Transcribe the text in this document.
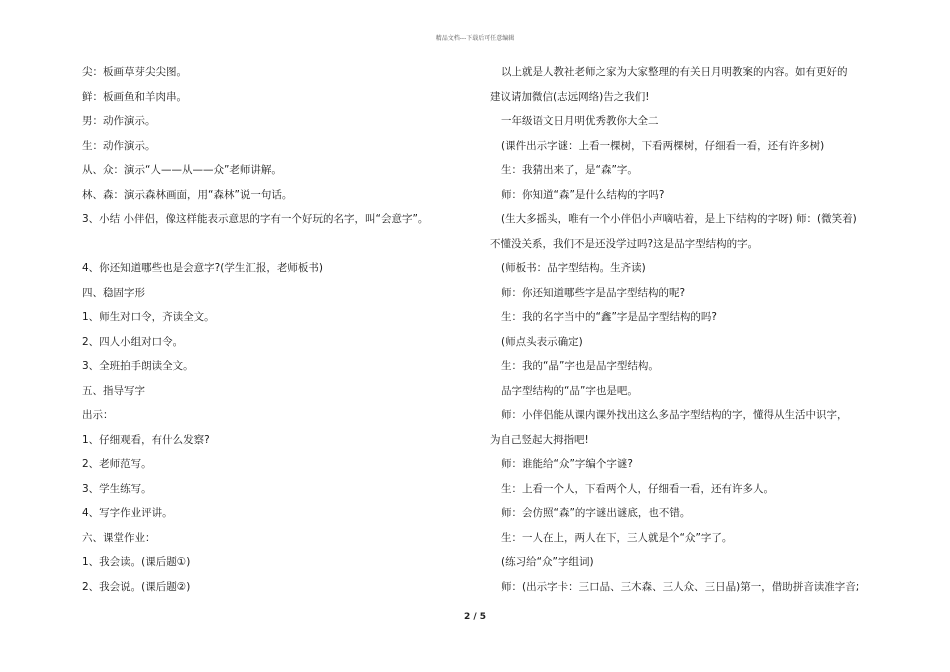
精品文档---下载后可任意编辑
尖：板画草芽尖尖图。
鲜：板画鱼和羊肉串。
男：动作演示。
生：动作演示。
从、众：演示“人——从——众”老师讲解。
林、森：演示森林画面，用“森林”说一句话。
3、小结 小伴侣，像这样能表示意思的字有一个好玩的名字，叫“会意字”。
4、你还知道哪些也是会意字?(学生汇报，老师板书)
四、稳固字形
1、师生对口令，齐读全文。
2、四人小组对口令。
3、全班拍手朗读全文。
五、指导写字
出示：
1、仔细观看，有什么发察?
2、老师范写。
3、学生练写。
4、写字作业评讲。
六、课堂作业：
1、我会读。(课后题①)
2、我会说。(课后题②)
以上就是人教社老师之家为大家整理的有关日月明教案的内容。如有更好的
建议请加微信(志远网络)告之我们!
一年级语文日月明优秀教你大全二
(课件出示字谜：上看一棵树，下看两棵树，仔细看一看，还有许多树)
生：我猜出来了，是“森”字。
师：你知道“森”是什么结构的字吗?
(生大多摇头，唯有一个小伴侣小声嘀咕着，是上下结构的字呀) 师：(微笑着)
不懂没关系，我们不是还没学过吗?这是品字型结构的字。
(师板书：品字型结构。生齐读)
师：你还知道哪些字是品字型结构的呢?
生：我的名字当中的“鑫”字是品字型结构的吗?
(师点头表示确定)
生：我的“晶”字也是品字型结构。
品字型结构的“品”字也是吧。
师：小伴侣能从课内课外找出这么多品字型结构的字，懂得从生活中识字，
为自己竖起大拇指吧!
师：谁能给“众”字编个字谜?
生：上看一个人，下看两个人，仔细看一看，还有许多人。
师：会仿照“森”的字谜出谜底，也不错。
生：一人在上，两人在下，三人就是个“众”字了。
(练习给“众”字组词)
师：(出示字卡：三口品、三木森、三人众、三日晶)第一，借助拼音读准字音;
2 / 5
